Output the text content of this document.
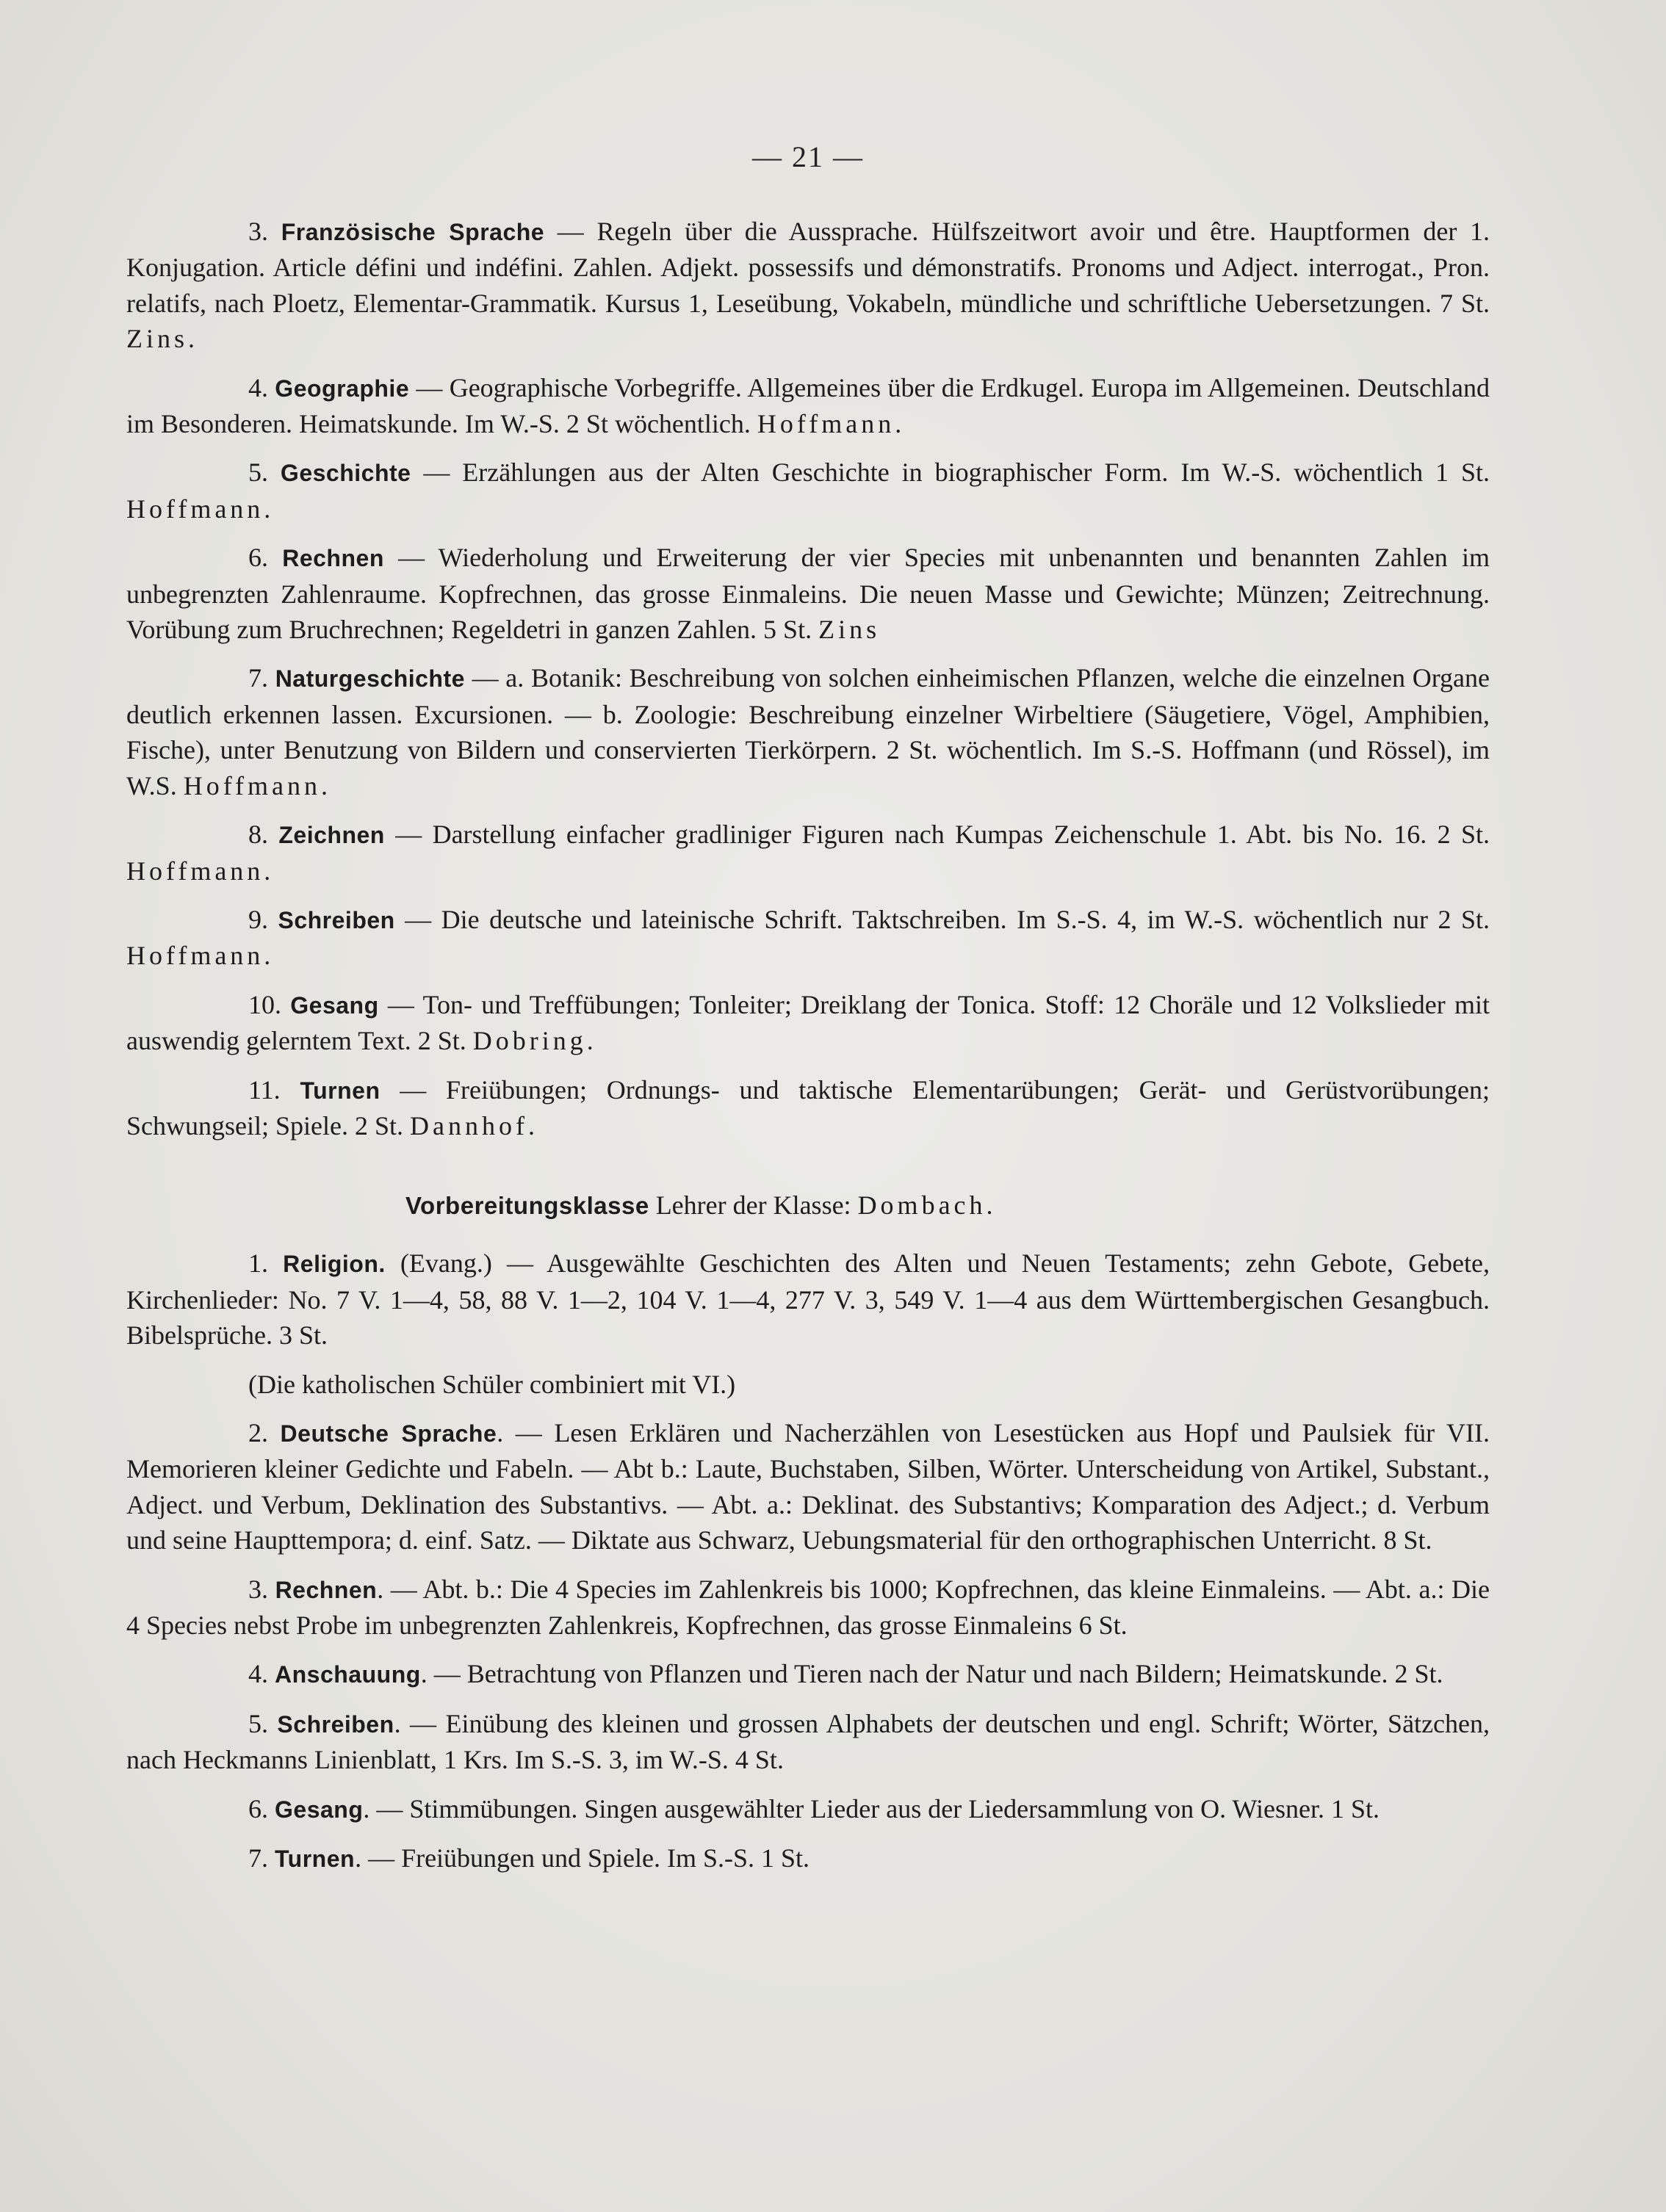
— 21 —

3. Französische Sprache — Regeln über die Aussprache. Hülfszeitwort avoir und être. Hauptformen der 1. Konjugation. Article défini und indéfini. Zahlen. Adjekt. possessifs und démonstratifs. Pronoms und Adject. interrogat., Pron. relatifs, nach Ploetz, Elementar-Grammatik. Kursus 1, Leseübung, Vokabeln, mündliche und schriftliche Uebersetzungen. 7 St. Zins.

4. Geographie — Geographische Vorbegriffe. Allgemeines über die Erdkugel. Europa im Allgemeinen. Deutschland im Besonderen. Heimatskunde. Im W.-S. 2 St wöchentlich. Hoffmann.

5. Geschichte — Erzählungen aus der Alten Geschichte in biographischer Form. Im W.-S. wöchentlich 1 St. Hoffmann.

6. Rechnen — Wiederholung und Erweiterung der vier Species mit unbenannten und benannten Zahlen im unbegrenzten Zahlenraume. Kopfrechnen, das grosse Einmaleins. Die neuen Masse und Gewichte; Münzen; Zeitrechnung. Vorübung zum Bruchrechnen; Regeldetri in ganzen Zahlen. 5 St. Zins

7. Naturgeschichte — a. Botanik: Beschreibung von solchen einheimischen Pflanzen, welche die einzelnen Organe deutlich erkennen lassen. Excursionen. — b. Zoologie: Beschreibung einzelner Wirbeltiere (Säugetiere, Vögel, Amphibien, Fische), unter Benutzung von Bildern und conservierten Tierkörpern. 2 St. wöchentlich. Im S.-S. Hoffmann (und Rössel), im W.S. Hoffmann.

8. Zeichnen — Darstellung einfacher gradliniger Figuren nach Kumpas Zeichenschule 1. Abt. bis No. 16. 2 St. Hoffmann.

9. Schreiben — Die deutsche und lateinische Schrift. Taktschreiben. Im S.-S. 4, im W.-S. wöchentlich nur 2 St. Hoffmann.

10. Gesang — Ton- und Treffübungen; Tonleiter; Dreiklang der Tonica. Stoff: 12 Choräle und 12 Volkslieder mit auswendig gelerntem Text. 2 St. Dobring.

11. Turnen — Freiübungen; Ordnungs- und taktische Elementarübungen; Gerät- und Gerüstvorübungen; Schwungseil; Spiele. 2 St. Dannhof.

Vorbereitungsklasse Lehrer der Klasse: Dombach.

1. Religion. (Evang.) — Ausgewählte Geschichten des Alten und Neuen Testaments; zehn Gebote, Gebete, Kirchenlieder: No. 7 V. 1—4, 58, 88 V. 1—2, 104 V. 1—4, 277 V. 3, 549 V. 1—4 aus dem Württembergischen Gesangbuch. Bibelsprüche. 3 St.

(Die katholischen Schüler combiniert mit VI.)

2. Deutsche Sprache. — Lesen Erklären und Nacherzählen von Lesestücken aus Hopf und Paulsiek für VII. Memorieren kleiner Gedichte und Fabeln. — Abt b.: Laute, Buchstaben, Silben, Wörter. Unterscheidung von Artikel, Substant., Adject. und Verbum, Deklination des Substantivs. — Abt. a.: Deklinat. des Substantivs; Komparation des Adject.; d. Verbum und seine Haupttempora; d. einf. Satz. — Diktate aus Schwarz, Uebungsmaterial für den orthographischen Unterricht. 8 St.

3. Rechnen. — Abt. b.: Die 4 Species im Zahlenkreis bis 1000; Kopfrechnen, das kleine Einmaleins. — Abt. a.: Die 4 Species nebst Probe im unbegrenzten Zahlenkreis, Kopfrechnen, das grosse Einmaleins 6 St.

4. Anschauung. — Betrachtung von Pflanzen und Tieren nach der Natur und nach Bildern; Heimatskunde. 2 St.

5. Schreiben. — Einübung des kleinen und grossen Alphabets der deutschen und engl. Schrift; Wörter, Sätzchen, nach Heckmanns Linienblatt, 1 Krs. Im S.-S. 3, im W.-S. 4 St.

6. Gesang. — Stimmübungen. Singen ausgewählter Lieder aus der Liedersammlung von O. Wiesner. 1 St.

7. Turnen. — Freiübungen und Spiele. Im S.-S. 1 St.
